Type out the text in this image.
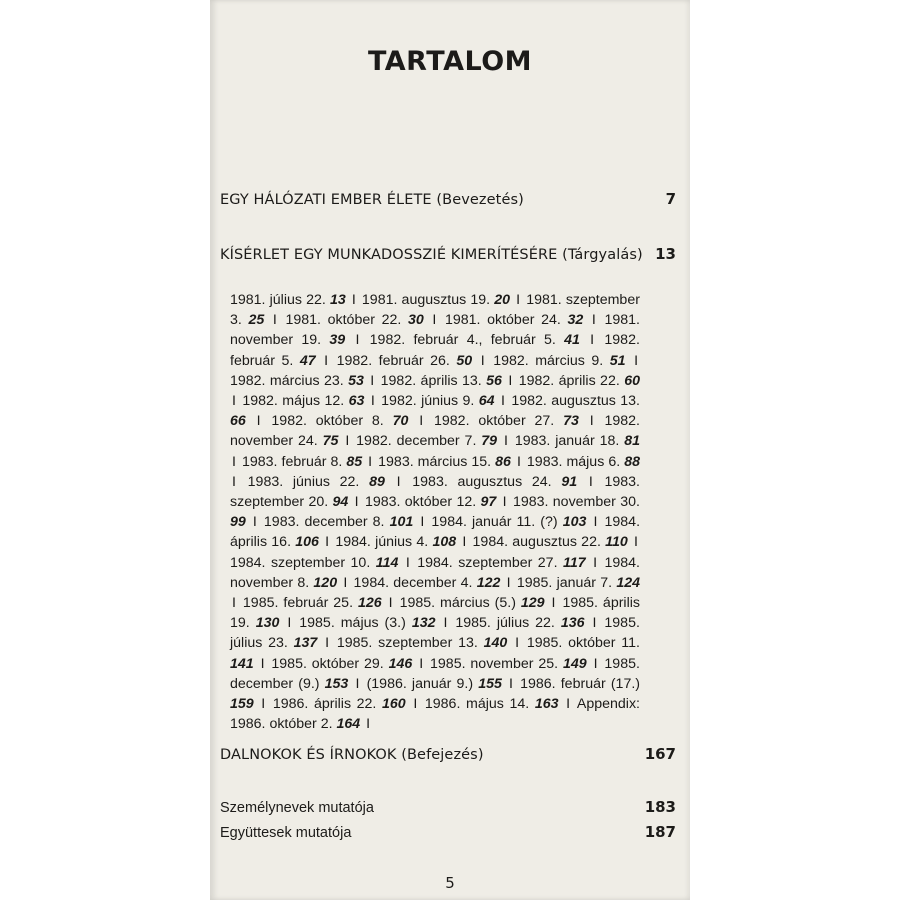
TARTALOM
EGY HÁLÓZATI EMBER ÉLETE (Bevezetés)	7
KÍSÉRLET EGY MUNKADOSSZIÉ KIMERÍTÉSÉRE (Tárgyalás) 13
1981. július 22. 13 I 1981. augusztus 19. 20 I 1981. szeptember 3. 25 I 1981. október 22. 30 I 1981. október 24. 32 I 1981. november 19. 39 I 1982. február 4., február 5. 41 I 1982. február 5. 47 I 1982. február 26. 50 I 1982. március 9. 51 I 1982. március 23. 53 I 1982. április 13. 56 I 1982. április 22. 60 I 1982. május 12. 63 I 1982. június 9. 64 I 1982. augusztus 13. 66 I 1982. október 8. 70 I 1982. október 27. 73 I 1982. november 24. 75 I 1982. december 7. 79 I 1983. január 18. 81 I 1983. február 8. 85 I 1983. március 15. 86 I 1983. május 6. 88 I 1983. június 22. 89 I 1983. augusztus 24. 91 I 1983. szeptember 20. 94 I 1983. október 12. 97 I 1983. november 30. 99 I 1983. december 8. 101 I 1984. január 11. (?) 103 I 1984. április 16. 106 I 1984. június 4. 108 I 1984. augusztus 22. 110 I 1984. szeptember 10. 114 I 1984. szeptember 27. 117 I 1984. november 8. 120 I 1984. december 4. 122 I 1985. január 7. 124 I 1985. február 25. 126 I 1985. március (5.) 129 I 1985. április 19. 130 I 1985. május (3.) 132 I 1985. július 22. 136 I 1985. július 23. 137 I 1985. szeptember 13. 140 I 1985. október 11. 141 I 1985. október 29. 146 I 1985. november 25. 149 I 1985. december (9.) 153 I (1986. január 9.) 155 I 1986. február (17.) 159 I 1986. április 22. 160 I 1986. május 14. 163 I Appendix: 1986. október 2. 164 I
DALNOKOK ÉS ÍRNOKOK (Befejezés)	167
Személynevek mutatója	183
Együttesek mutatója	187
5
